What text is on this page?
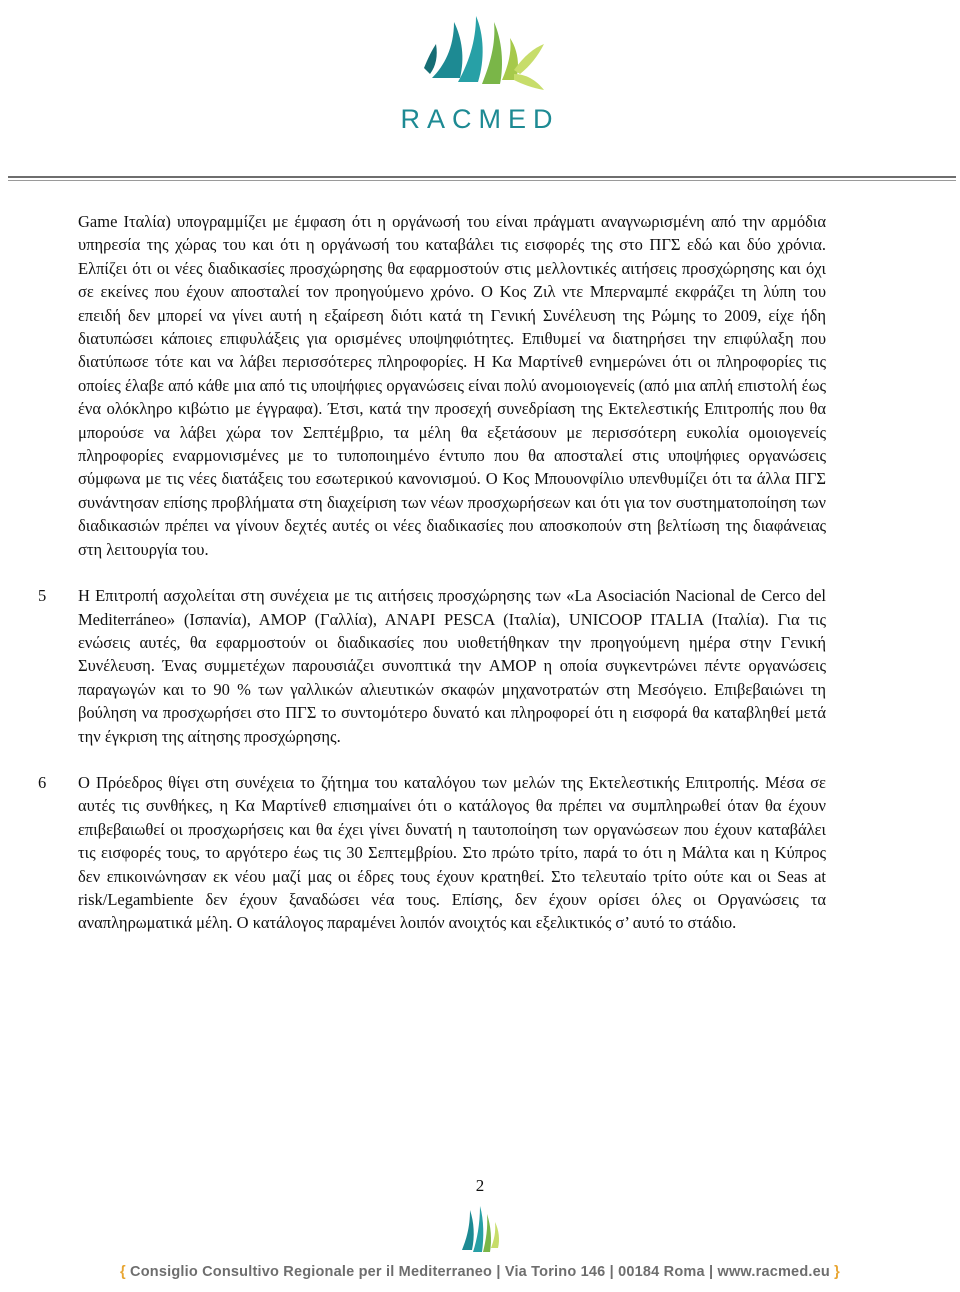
RACMED

Game Ιταλία) υπογραμμίζει με έμφαση ότι η οργάνωσή του είναι πράγματι αναγνωρισμένη από την αρμόδια υπηρεσία της χώρας του και ότι η οργάνωσή του καταβάλει τις εισφορές της στο ΠΓΣ εδώ και δύο χρόνια. Ελπίζει ότι οι νέες διαδικασίες προσχώρησης θα εφαρμοστούν στις μελλοντικές αιτήσεις προσχώρησης και όχι σε εκείνες που έχουν αποσταλεί τον προηγούμενο χρόνο. Ο Κος Ζιλ ντε Μπερναμπέ εκφράζει τη λύπη του επειδή δεν μπορεί να γίνει αυτή η εξαίρεση διότι κατά τη Γενική Συνέλευση της Ρώμης το 2009, είχε ήδη διατυπώσει κάποιες επιφυλάξεις για ορισμένες υποψηφιότητες. Επιθυμεί να διατηρήσει την επιφύλαξη που διατύπωσε τότε και να λάβει περισσότερες πληροφορίες. Η Κα Μαρτίνεθ ενημερώνει ότι οι πληροφορίες τις οποίες έλαβε από κάθε μια από τις υποψήφιες οργανώσεις είναι πολύ ανομοιογενείς (από μια απλή επιστολή έως ένα ολόκληρο κιβώτιο με έγγραφα). Έτσι, κατά την προσεχή συνεδρίαση της Εκτελεστικής Επιτροπής που θα μπορούσε να λάβει χώρα τον Σεπτέμβριο, τα μέλη θα εξετάσουν με περισσότερη ευκολία ομοιογενείς πληροφορίες εναρμονισμένες με το τυποποιημένο έντυπο που θα αποσταλεί στις υποψήφιες οργανώσεις σύμφωνα με τις νέες διατάξεις του εσωτερικού κανονισμού. Ο Κος Μπουονφίλιο υπενθυμίζει ότι τα άλλα ΠΓΣ συνάντησαν επίσης προβλήματα στη διαχείριση των νέων προσχωρήσεων και ότι για τον συστηματοποίηση των διαδικασιών πρέπει να γίνουν δεχτές αυτές οι νέες διαδικασίες που αποσκοπούν στη βελτίωση της διαφάνειας στη λειτουργία του.

5 Η Επιτροπή ασχολείται στη συνέχεια με τις αιτήσεις προσχώρησης των «La Asociación Nacional de Cerco del Mediterráneo» (Ισπανία), AMOP (Γαλλία), ANAPI PESCA (Ιταλία), UNICOOP ITALIA (Ιταλία). Για τις ενώσεις αυτές, θα εφαρμοστούν οι διαδικασίες που υιοθετήθηκαν την προηγούμενη ημέρα στην Γενική Συνέλευση. Ένας συμμετέχων παρουσιάζει συνοπτικά την AMOP η οποία συγκεντρώνει πέντε οργανώσεις παραγωγών και το 90 % των γαλλικών αλιευτικών σκαφών μηχανοτρατών στη Μεσόγειο. Επιβεβαιώνει τη βούληση να προσχωρήσει στο ΠΓΣ το συντομότερο δυνατό και πληροφορεί ότι η εισφορά θα καταβληθεί μετά την έγκριση της αίτησης προσχώρησης.

6 Ο Πρόεδρος θίγει στη συνέχεια το ζήτημα του καταλόγου των μελών της Εκτελεστικής Επιτροπής. Μέσα σε αυτές τις συνθήκες, η Κα Μαρτίνεθ επισημαίνει ότι ο κατάλογος θα πρέπει να συμπληρωθεί όταν θα έχουν επιβεβαιωθεί οι προσχωρήσεις και θα έχει γίνει δυνατή η ταυτοποίηση των οργανώσεων που έχουν καταβάλει τις εισφορές τους, το αργότερο έως τις 30 Σεπτεμβρίου. Στο πρώτο τρίτο, παρά το ότι η Μάλτα και η Κύπρος δεν επικοινώνησαν εκ νέου μαζί μας οι έδρες τους έχουν κρατηθεί. Στο τελευταίο τρίτο ούτε και οι Seas at risk/Legambiente δεν έχουν ξαναδώσει νέα τους. Επίσης, δεν έχουν ορίσει όλες οι Οργανώσεις τα αναπληρωματικά μέλη. Ο κατάλογος παραμένει λοιπόν ανοιχτός και εξελικτικός σ’ αυτό το στάδιο.

2
{ Consiglio Consultivo Regionale per il Mediterraneo | Via Torino 146 | 00184 Roma | www.racmed.eu }
